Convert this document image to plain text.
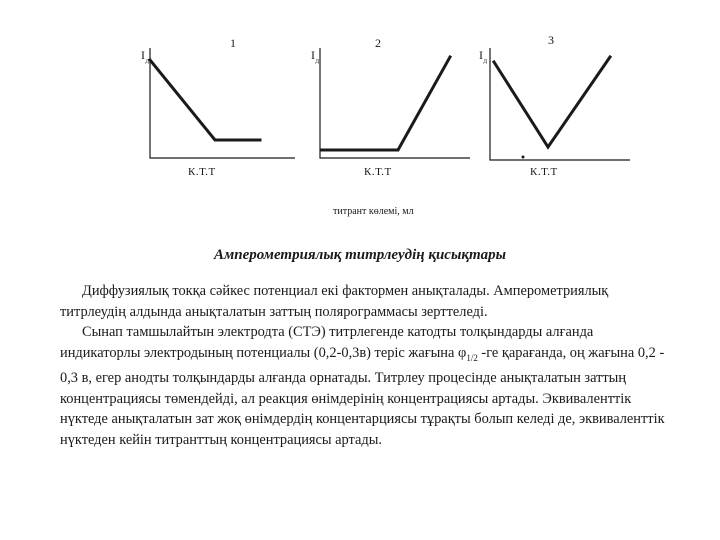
1	2	3
$I_д$	$I_д$	$I_д$
К.Т.Т	К.Т.Т	К.Т.Т
титрант көлемі, мл
Амперометриялық титрлеудің қисықтары

Диффузиялық токқа сәйкес потенциал екі фактормен анықталады. Амперометриялық титрлеудің алдында анықталатын заттың полярограммасы зерттеледі.

Сынап тамшылайтын электродта (СТЭ) титрлегенде катодты толқындарды алғанда индикаторлы электродының потенциалы (0,2-0,3в) теріс жағына $\varphi_{1/2}$ -ге қарағанда, оң жағына 0,2 - 0,3 в, егер анодты толқындарды алғанда орнатады. Титрлеу процесінде анықталатын заттың концентрациясы төмендейді, ал реакция өнімдерінің концентрациясы артады. Эквиваленттік нүктеде анықталатын зат жоқ өнімдердің концентарциясы тұрақты болып келеді де, эквиваленттік нүктеден кейін титранттың концентрациясы артады.
